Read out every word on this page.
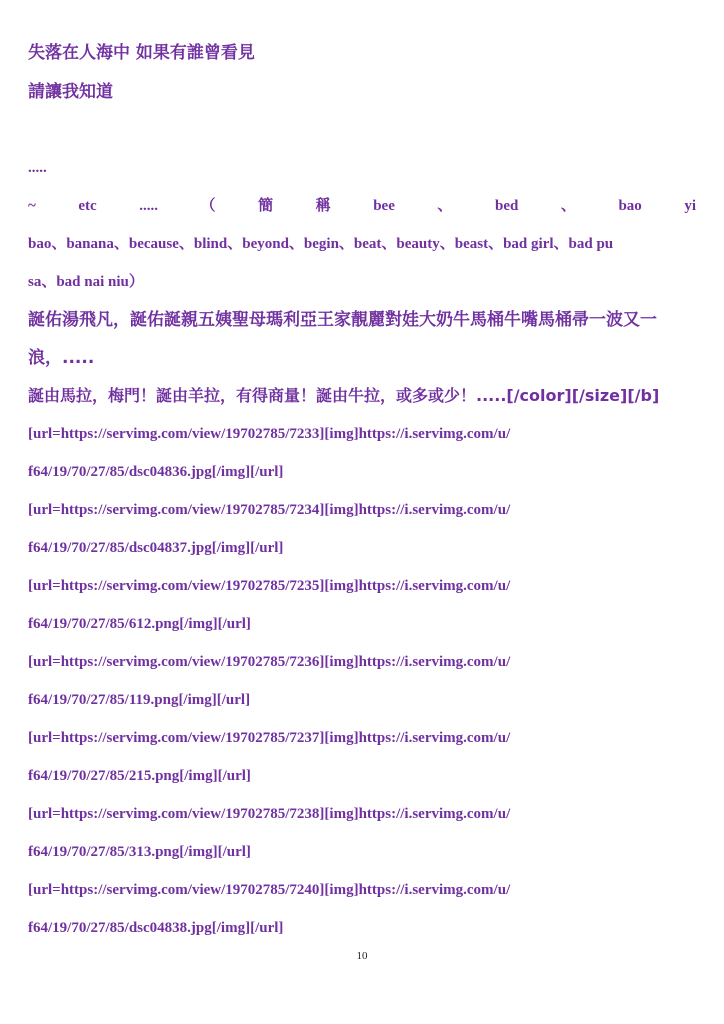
失落在人海中 如果有誰曾看見
請讓我知道
.....
~	etc	.....	（	簡	稱	bee	、	bed	、	bao	yi
bao、banana、because、blind、beyond、begin、beat、beauty、beast、bad girl、bad pu
sa、bad nai niu）
誕佑湯飛凡，誕佑誕親五姨聖母瑪利亞王家靚麗對娃大奶牛馬桶牛嘴馬桶帚一波又一
浪，.....
誕由馬拉，梅門！誕由羊拉，有得商量！誕由牛拉，或多或少！.....[/color][/size][/b]
[url=https://servimg.com/view/19702785/7233][img]https://i.servimg.com/u/
f64/19/70/27/85/dsc04836.jpg[/img][/url]
[url=https://servimg.com/view/19702785/7234][img]https://i.servimg.com/u/
f64/19/70/27/85/dsc04837.jpg[/img][/url]
[url=https://servimg.com/view/19702785/7235][img]https://i.servimg.com/u/
f64/19/70/27/85/612.png[/img][/url]
[url=https://servimg.com/view/19702785/7236][img]https://i.servimg.com/u/
f64/19/70/27/85/119.png[/img][/url]
[url=https://servimg.com/view/19702785/7237][img]https://i.servimg.com/u/
f64/19/70/27/85/215.png[/img][/url]
[url=https://servimg.com/view/19702785/7238][img]https://i.servimg.com/u/
f64/19/70/27/85/313.png[/img][/url]
[url=https://servimg.com/view/19702785/7240][img]https://i.servimg.com/u/
f64/19/70/27/85/dsc04838.jpg[/img][/url]
10
